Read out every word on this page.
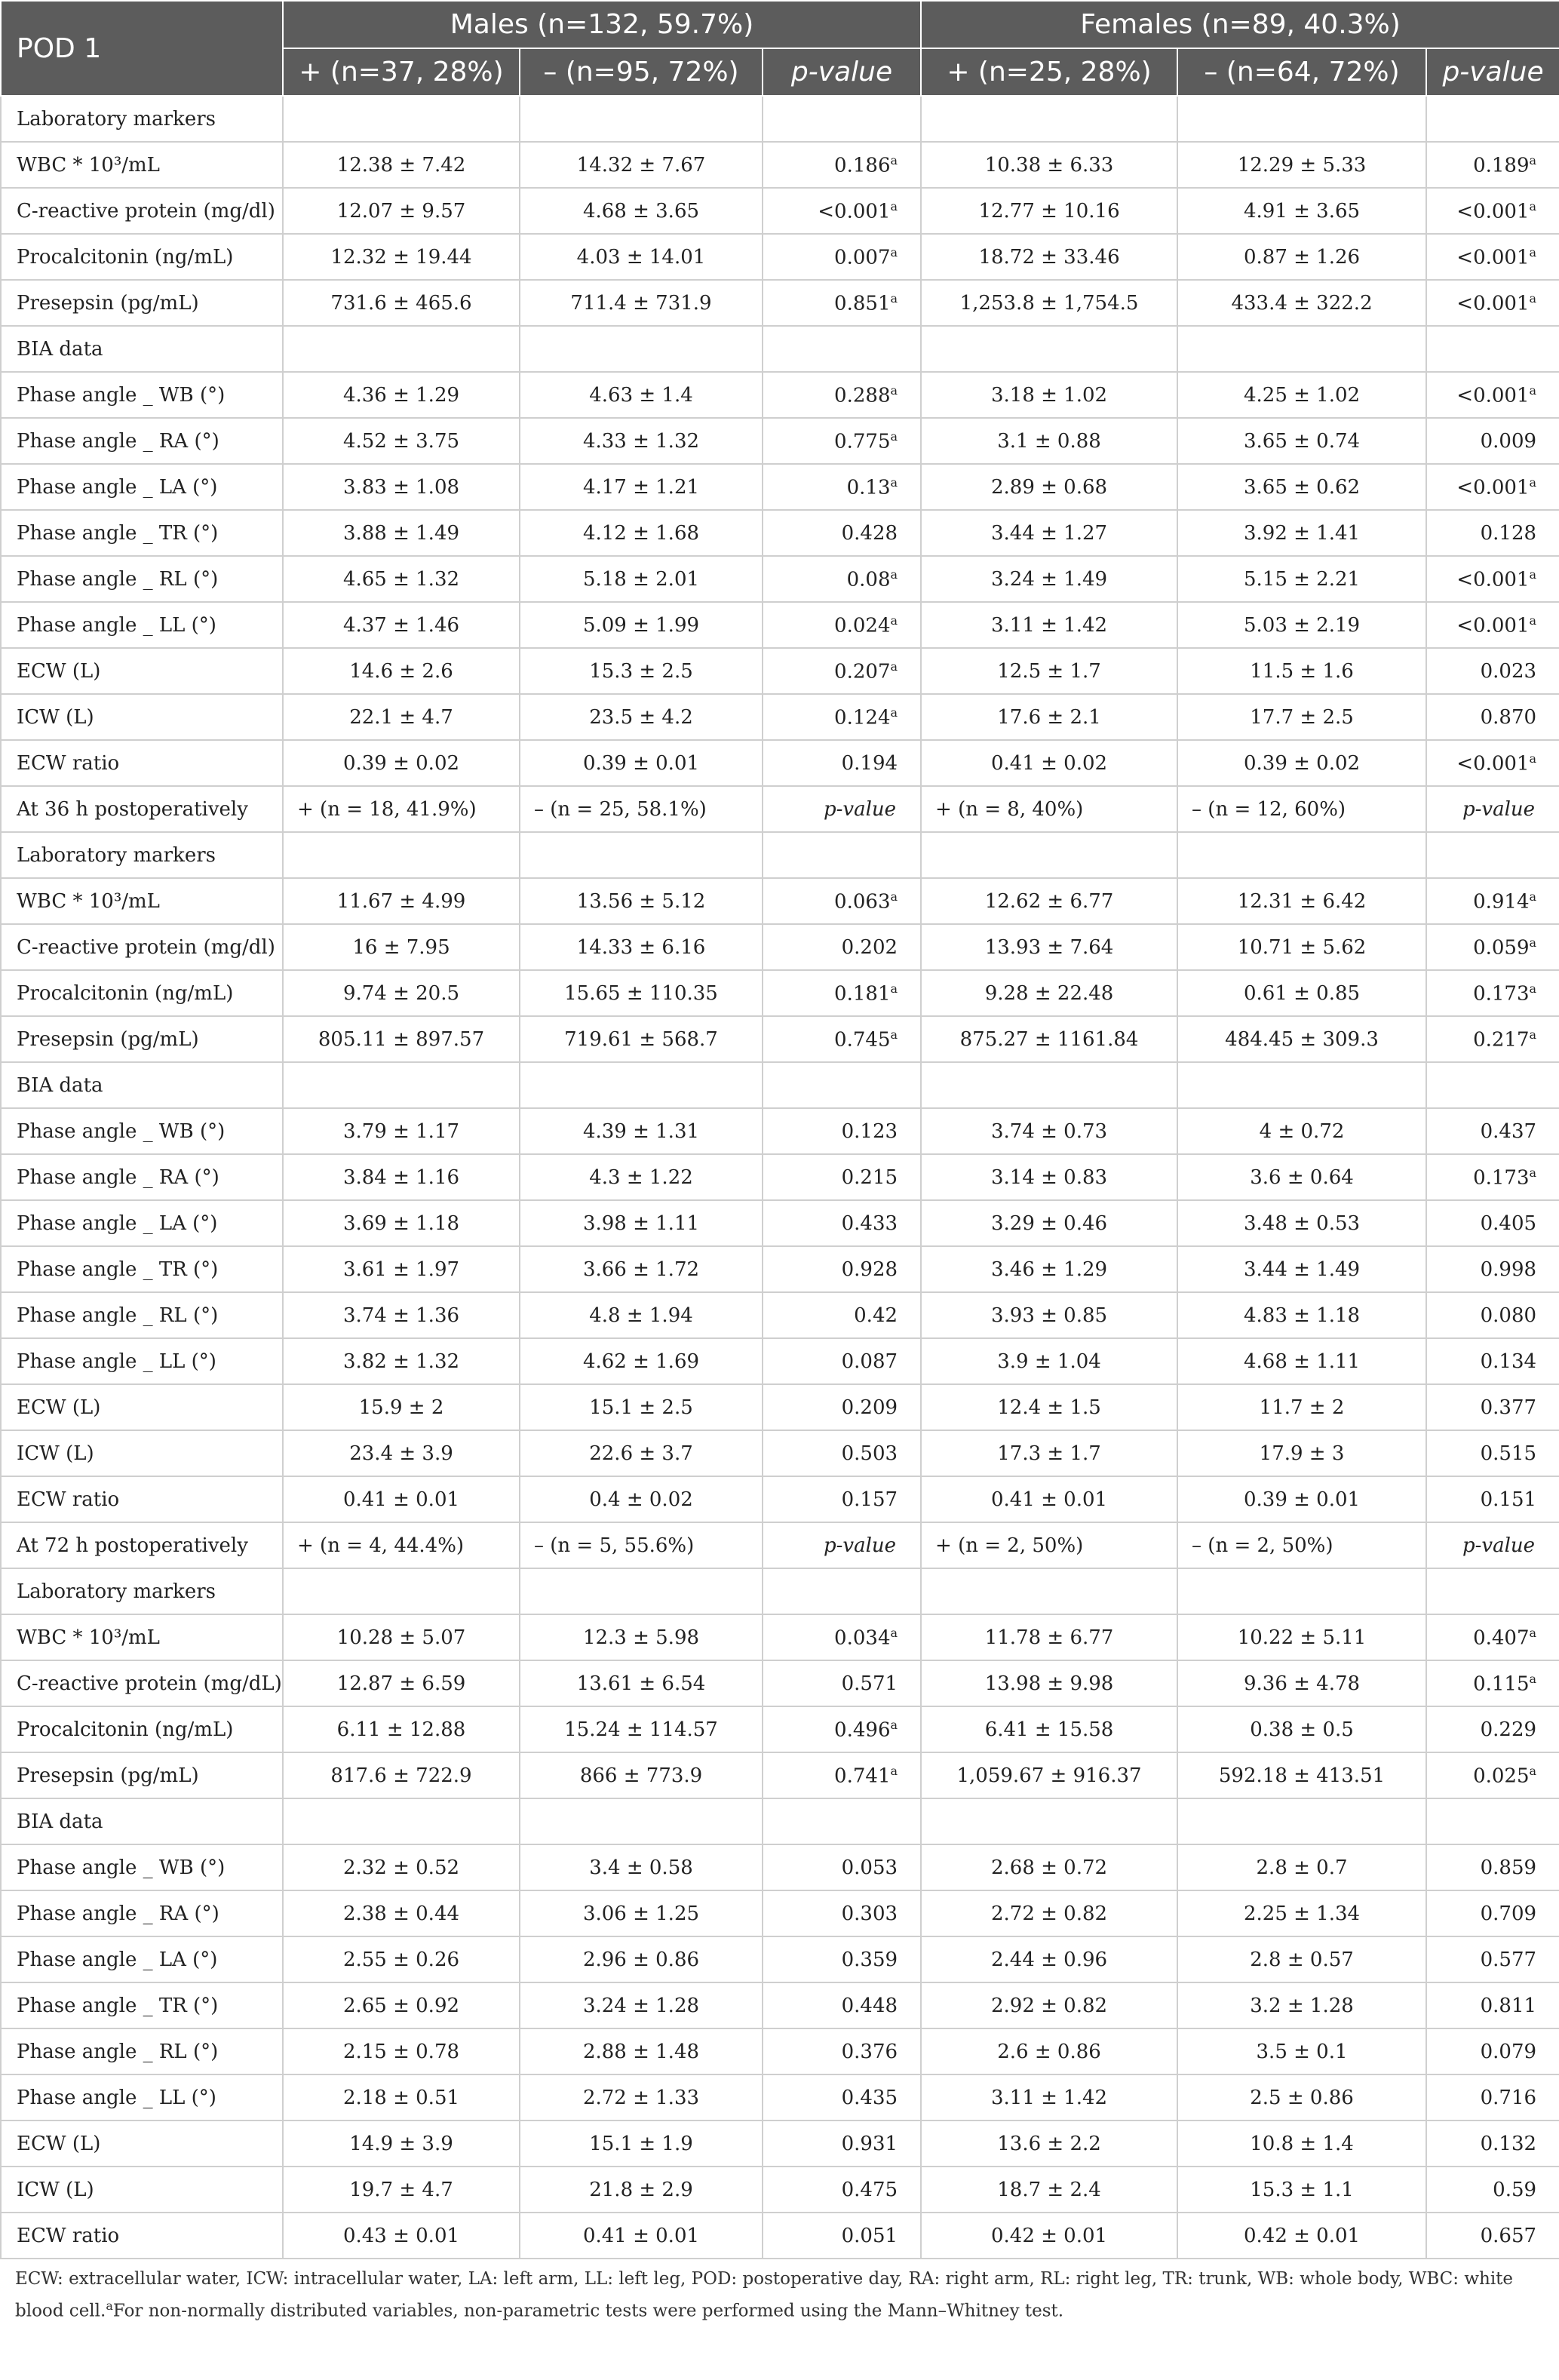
POD 1	Males (n=132, 59.7%)			Females (n=89, 40.3%)		
	+ (n=37, 28%)	– (n=95, 72%)	p-value	+ (n=25, 28%)	– (n=64, 72%)	p-value
Laboratory markers						
WBC * 10³/mL	12.38 ± 7.42	14.32 ± 7.67	0.186$^a$	10.38 ± 6.33	12.29 ± 5.33	0.189$^a$
C-reactive protein (mg/dl)	12.07 ± 9.57	4.68 ± 3.65	<0.001$^a$	12.77 ± 10.16	4.91 ± 3.65	<0.001$^a$
Procalcitonin (ng/mL)	12.32 ± 19.44	4.03 ± 14.01	0.007$^a$	18.72 ± 33.46	0.87 ± 1.26	<0.001$^a$
Presepsin (pg/mL)	731.6 ± 465.6	711.4 ± 731.9	0.851$^a$	1,253.8 ± 1,754.5	433.4 ± 322.2	<0.001$^a$
BIA data						
Phase angle _ WB (°)	4.36 ± 1.29	4.63 ± 1.4	0.288$^a$	3.18 ± 1.02	4.25 ± 1.02	<0.001$^a$
Phase angle _ RA (°)	4.52 ± 3.75	4.33 ± 1.32	0.775$^a$	3.1 ± 0.88	3.65 ± 0.74	0.009
Phase angle _ LA (°)	3.83 ± 1.08	4.17 ± 1.21	0.13$^a$	2.89 ± 0.68	3.65 ± 0.62	<0.001$^a$
Phase angle _ TR (°)	3.88 ± 1.49	4.12 ± 1.68	0.428	3.44 ± 1.27	3.92 ± 1.41	0.128
Phase angle _ RL (°)	4.65 ± 1.32	5.18 ± 2.01	0.08$^a$	3.24 ± 1.49	5.15 ± 2.21	<0.001$^a$
Phase angle _ LL (°)	4.37 ± 1.46	5.09 ± 1.99	0.024$^a$	3.11 ± 1.42	5.03 ± 2.19	<0.001$^a$
ECW (L)	14.6 ± 2.6	15.3 ± 2.5	0.207$^a$	12.5 ± 1.7	11.5 ± 1.6	0.023
ICW (L)	22.1 ± 4.7	23.5 ± 4.2	0.124$^a$	17.6 ± 2.1	17.7 ± 2.5	0.870
ECW ratio	0.39 ± 0.02	0.39 ± 0.01	0.194	0.41 ± 0.02	0.39 ± 0.02	<0.001$^a$
At 36 h postoperatively	+ (n = 18, 41.9%)	– (n = 25, 58.1%)	p-value	+ (n = 8, 40%)	– (n = 12, 60%)	p-value
Laboratory markers						
WBC * 10³/mL	11.67 ± 4.99	13.56 ± 5.12	0.063$^a$	12.62 ± 6.77	12.31 ± 6.42	0.914$^a$
C-reactive protein (mg/dl)	16 ± 7.95	14.33 ± 6.16	0.202	13.93 ± 7.64	10.71 ± 5.62	0.059$^a$
Procalcitonin (ng/mL)	9.74 ± 20.5	15.65 ± 110.35	0.181$^a$	9.28 ± 22.48	0.61 ± 0.85	0.173$^a$
Presepsin (pg/mL)	805.11 ± 897.57	719.61 ± 568.7	0.745$^a$	875.27 ± 1161.84	484.45 ± 309.3	0.217$^a$
BIA data						
Phase angle _ WB (°)	3.79 ± 1.17	4.39 ± 1.31	0.123	3.74 ± 0.73	4 ± 0.72	0.437
Phase angle _ RA (°)	3.84 ± 1.16	4.3 ± 1.22	0.215	3.14 ± 0.83	3.6 ± 0.64	0.173$^a$
Phase angle _ LA (°)	3.69 ± 1.18	3.98 ± 1.11	0.433	3.29 ± 0.46	3.48 ± 0.53	0.405
Phase angle _ TR (°)	3.61 ± 1.97	3.66 ± 1.72	0.928	3.46 ± 1.29	3.44 ± 1.49	0.998
Phase angle _ RL (°)	3.74 ± 1.36	4.8 ± 1.94	0.42	3.93 ± 0.85	4.83 ± 1.18	0.080
Phase angle _ LL (°)	3.82 ± 1.32	4.62 ± 1.69	0.087	3.9 ± 1.04	4.68 ± 1.11	0.134
ECW (L)	15.9 ± 2	15.1 ± 2.5	0.209	12.4 ± 1.5	11.7 ± 2	0.377
ICW (L)	23.4 ± 3.9	22.6 ± 3.7	0.503	17.3 ± 1.7	17.9 ± 3	0.515
ECW ratio	0.41 ± 0.01	0.4 ± 0.02	0.157	0.41 ± 0.01	0.39 ± 0.01	0.151
At 72 h postoperatively	+ (n = 4, 44.4%)	– (n = 5, 55.6%)	p-value	+ (n = 2, 50%)	– (n = 2, 50%)	p-value
Laboratory markers						
WBC * 10³/mL	10.28 ± 5.07	12.3 ± 5.98	0.034$^a$	11.78 ± 6.77	10.22 ± 5.11	0.407$^a$
C-reactive protein (mg/dL)	12.87 ± 6.59	13.61 ± 6.54	0.571	13.98 ± 9.98	9.36 ± 4.78	0.115$^a$
Procalcitonin (ng/mL)	6.11 ± 12.88	15.24 ± 114.57	0.496$^a$	6.41 ± 15.58	0.38 ± 0.5	0.229
Presepsin (pg/mL)	817.6 ± 722.9	866 ± 773.9	0.741$^a$	1,059.67 ± 916.37	592.18 ± 413.51	0.025$^a$
BIA data						
Phase angle _ WB (°)	2.32 ± 0.52	3.4 ± 0.58	0.053	2.68 ± 0.72	2.8 ± 0.7	0.859
Phase angle _ RA (°)	2.38 ± 0.44	3.06 ± 1.25	0.303	2.72 ± 0.82	2.25 ± 1.34	0.709
Phase angle _ LA (°)	2.55 ± 0.26	2.96 ± 0.86	0.359	2.44 ± 0.96	2.8 ± 0.57	0.577
Phase angle _ TR (°)	2.65 ± 0.92	3.24 ± 1.28	0.448	2.92 ± 0.82	3.2 ± 1.28	0.811
Phase angle _ RL (°)	2.15 ± 0.78	2.88 ± 1.48	0.376	2.6 ± 0.86	3.5 ± 0.1	0.079
Phase angle _ LL (°)	2.18 ± 0.51	2.72 ± 1.33	0.435	3.11 ± 1.42	2.5 ± 0.86	0.716
ECW (L)	14.9 ± 3.9	15.1 ± 1.9	0.931	13.6 ± 2.2	10.8 ± 1.4	0.132
ICW (L)	19.7 ± 4.7	21.8 ± 2.9	0.475	18.7 ± 2.4	15.3 ± 1.1	0.59
ECW ratio	0.43 ± 0.01	0.41 ± 0.01	0.051	0.42 ± 0.01	0.42 ± 0.01	0.657
ECW: extracellular water, ICW: intracellular water, LA: left arm, LL: left leg, POD: postoperative day, RA: right arm, RL: right leg, TR: trunk, WB: whole body, WBC: white blood cell.$^a$For non-normally distributed variables, non-parametric tests were performed using the Mann–Whitney test.
